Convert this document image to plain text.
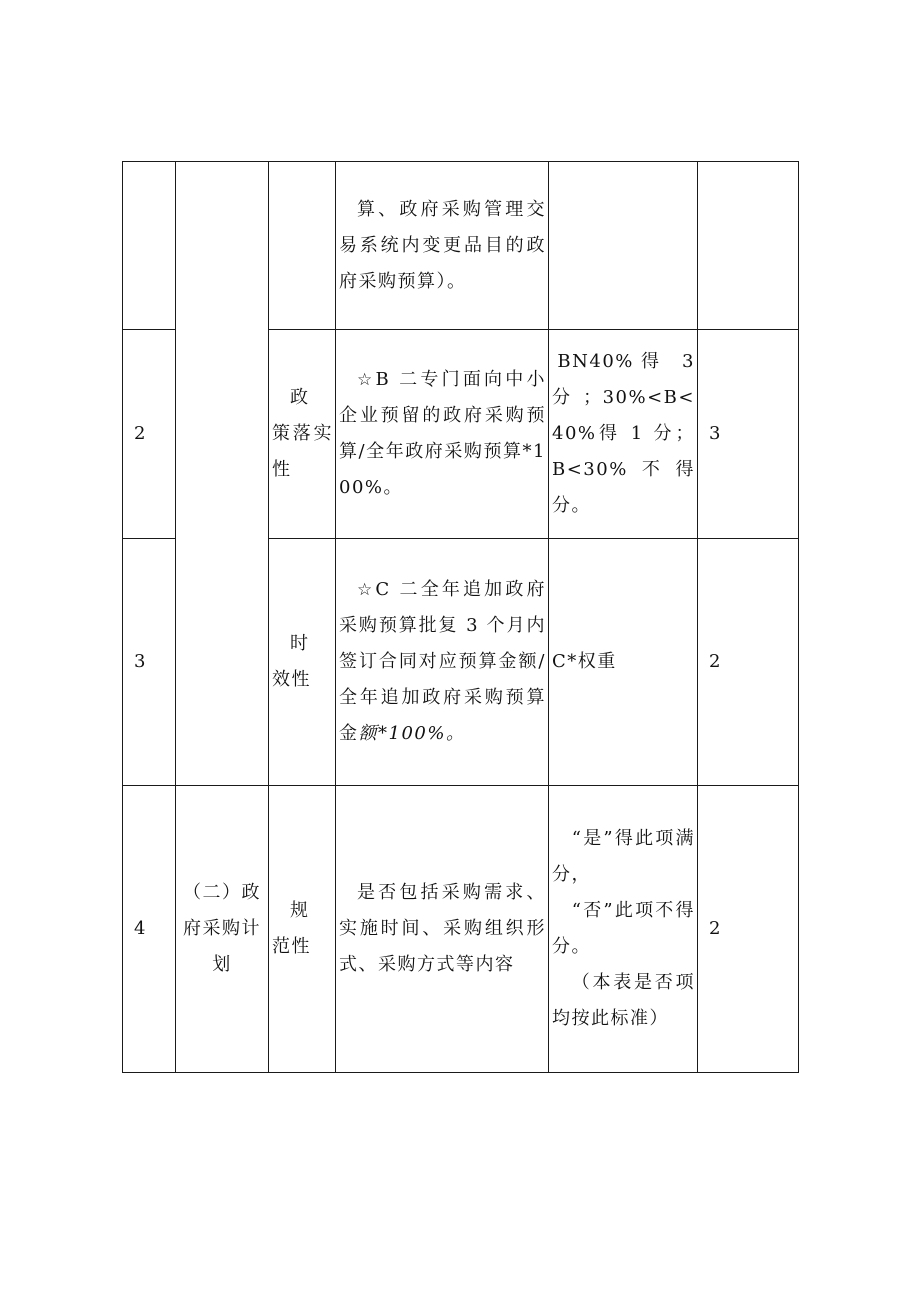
			算、政府采购管理交易系统内变更品目的政府采购预算）。		

2		政　策落实性	☆B 二专门面向中小企业预留的政府采购预算/全年政府采购预算*100%。	BN40%得 3 分；30%<B<40%得 1 分；B<30%不得分。	3
3		时　效性	☆C 二全年追加政府采购预算批复 3 个月内签订合同对应预算金额/全年追加政府采购预算金额*100%。	C*权重	2
4	（二）政府采购计划	规　范性	是否包括采购需求、实施时间、采购组织形式、采购方式等内容	“是”得此项满分，
“否”此项不得分。
（本表是否项均按此标准）	2
